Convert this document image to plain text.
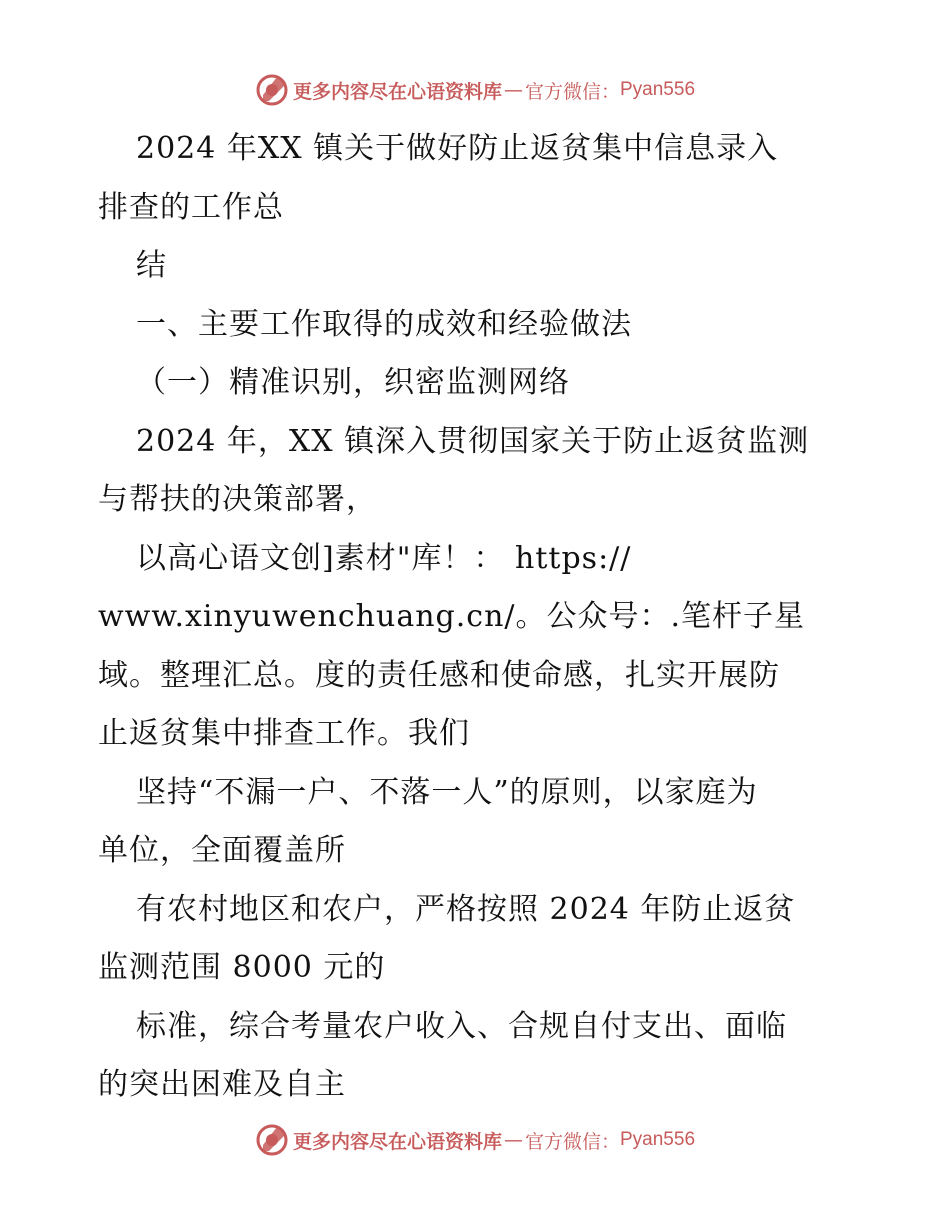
更多内容尽在心语资料库 — 官方微信： Pyan556
2024 年XX 镇关于做好防止返贫集中信息录入
排查的工作总
结
一、主要工作取得的成效和经验做法
（一）精准识别，织密监测网络
2024 年，XX 镇深入贯彻国家关于防止返贫监测
与帮扶的决策部署，
以高心语文创]素材"库！： https://
www.xinyuwenchuang.cn/。公众号：.笔杆子星
域。整理汇总。度的责任感和使命感，扎实开展防
止返贫集中排查工作。我们
坚持“不漏一户、不落一人”的原则，以家庭为
单位，全面覆盖所
有农村地区和农户，严格按照 2024 年防止返贫
监测范围 8000 元的
标准，综合考量农户收入、合规自付支出、面临
的突出困难及自主
更多内容尽在心语资料库 — 官方微信： Pyan556
